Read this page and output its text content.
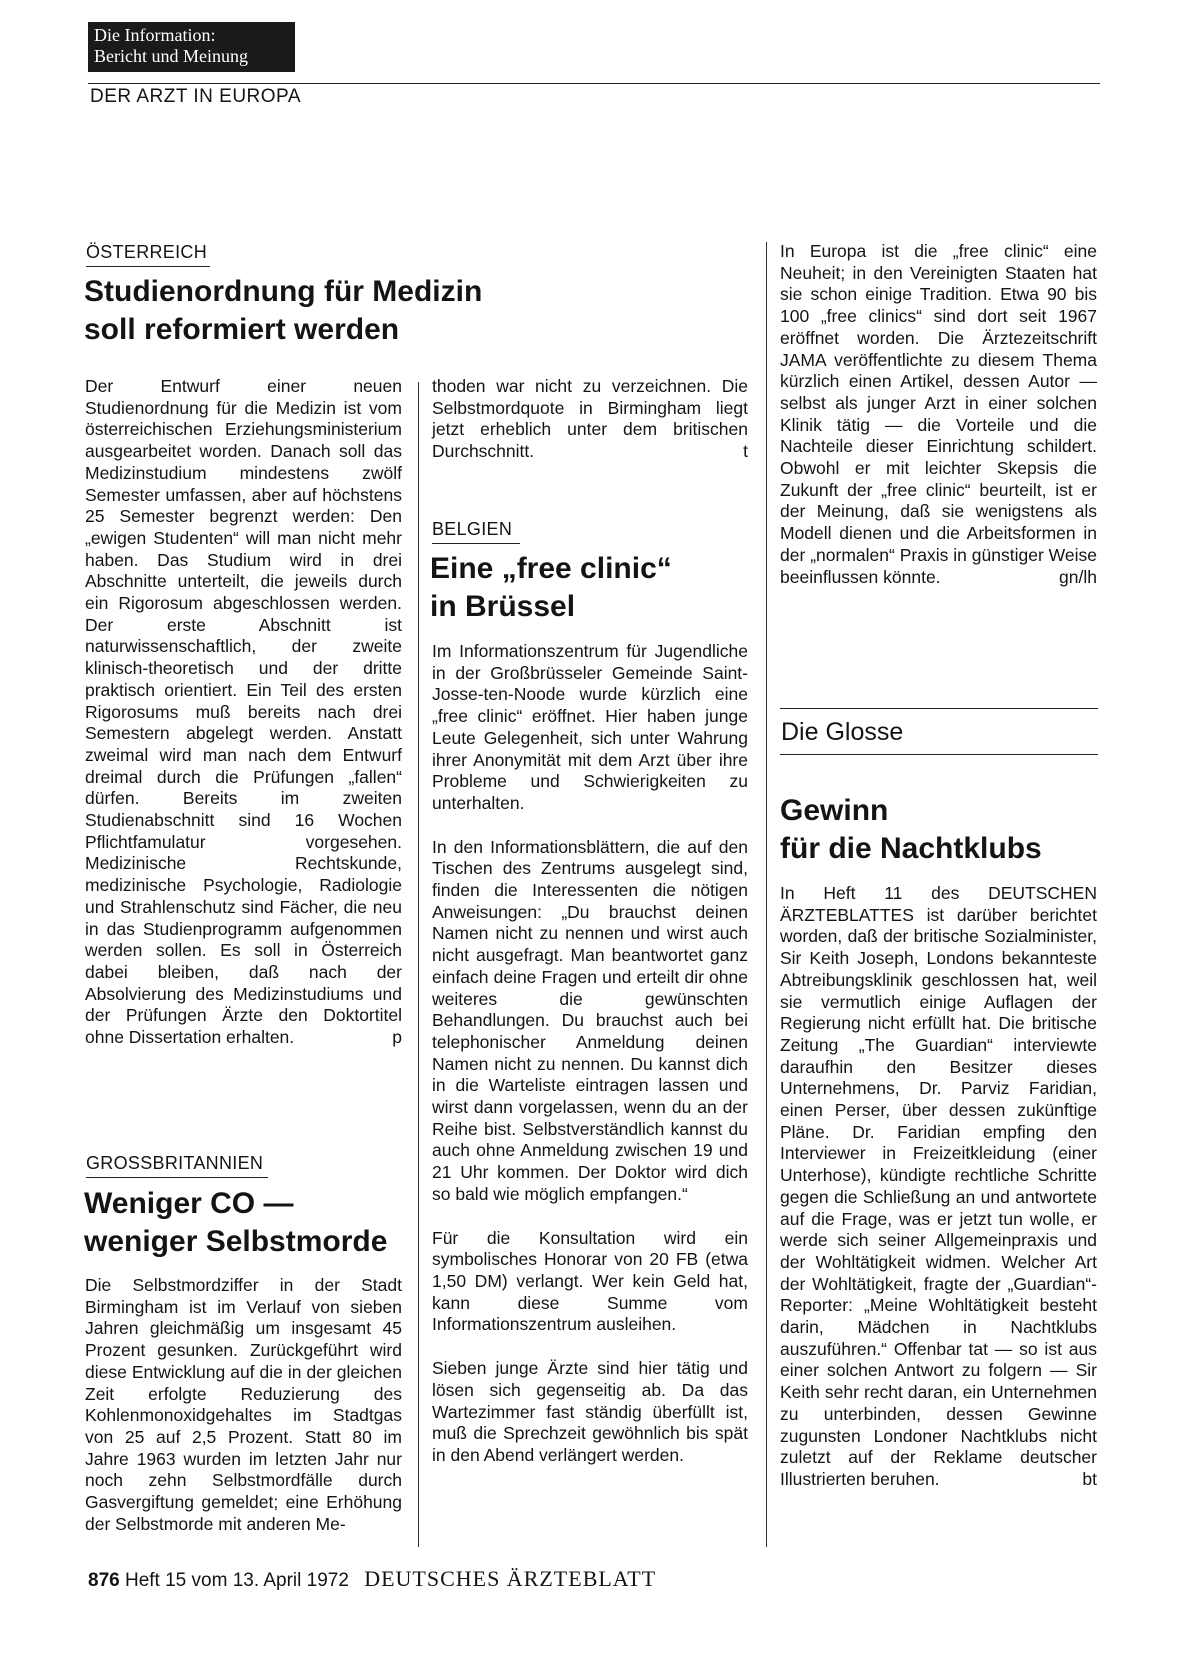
Die Information:
Bericht und Meinung
DER ARZT IN EUROPA
ÖSTERREICH
Studienordnung für Medizin
soll reformiert werden

Der Entwurf einer neuen Studienordnung für die Medizin ist vom österreichischen Erziehungsministerium ausgearbeitet worden. Danach soll das Medizinstudium mindestens zwölf Semester umfassen, aber auf höchstens 25 Semester begrenzt werden: Den „ewigen Studenten“ will man nicht mehr haben. Das Studium wird in drei Abschnitte unterteilt, die jeweils durch ein Rigorosum abgeschlossen werden. Der erste Abschnitt ist naturwissenschaftlich, der zweite klinisch-theoretisch und der dritte praktisch orientiert. Ein Teil des ersten Rigorosums muß bereits nach drei Semestern abgelegt werden. Anstatt zweimal wird man nach dem Entwurf dreimal durch die Prüfungen „fallen“ dürfen. Bereits im zweiten Studienabschnitt sind 16 Wochen Pflichtfamulatur vorgesehen. Medizinische Rechtskunde, medizinische Psychologie, Radiologie und Strahlenschutz sind Fächer, die neu in das Studienprogramm aufgenommen werden sollen. Es soll in Österreich dabei bleiben, daß nach der Absolvierung des Medizinstudiums und der Prüfungen Ärzte den Doktortitel ohne Dissertation erhalten.	p

GROSSBRITANNIEN
Weniger CO —
weniger Selbstmorde

Die Selbstmordziffer in der Stadt Birmingham ist im Verlauf von sieben Jahren gleichmäßig um insgesamt 45 Prozent gesunken. Zurückgeführt wird diese Entwicklung auf die in der gleichen Zeit erfolgte Reduzierung des Kohlenmonoxidgehaltes im Stadtgas von 25 auf 2,5 Prozent. Statt 80 im Jahre 1963 wurden im letzten Jahr nur noch zehn Selbstmordfälle durch Gasvergiftung gemeldet; eine Erhöhung der Selbstmorde mit anderen Me-

thoden war nicht zu verzeichnen. Die Selbstmordquote in Birmingham liegt jetzt erheblich unter dem britischen Durchschnitt.	t

BELGIEN
Eine „free clinic“
in Brüssel

Im Informationszentrum für Jugendliche in der Großbrüsseler Gemeinde Saint-Josse-ten-Noode wurde kürzlich eine „free clinic“ eröffnet. Hier haben junge Leute Gelegenheit, sich unter Wahrung ihrer Anonymität mit dem Arzt über ihre Probleme und Schwierigkeiten zu unterhalten.

In den Informationsblättern, die auf den Tischen des Zentrums ausgelegt sind, finden die Interessenten die nötigen Anweisungen: „Du brauchst deinen Namen nicht zu nennen und wirst auch nicht ausgefragt. Man beantwortet ganz einfach deine Fragen und erteilt dir ohne weiteres die gewünschten Behandlungen. Du brauchst auch bei telephonischer Anmeldung deinen Namen nicht zu nennen. Du kannst dich in die Warteliste eintragen lassen und wirst dann vorgelassen, wenn du an der Reihe bist. Selbstverständlich kannst du auch ohne Anmeldung zwischen 19 und 21 Uhr kommen. Der Doktor wird dich so bald wie möglich empfangen.“

Für die Konsultation wird ein symbolisches Honorar von 20 FB (etwa 1,50 DM) verlangt. Wer kein Geld hat, kann diese Summe vom Informationszentrum ausleihen.

Sieben junge Ärzte sind hier tätig und lösen sich gegenseitig ab. Da das Wartezimmer fast ständig überfüllt ist, muß die Sprechzeit gewöhnlich bis spät in den Abend verlängert werden.

In Europa ist die „free clinic“ eine Neuheit; in den Vereinigten Staaten hat sie schon einige Tradition. Etwa 90 bis 100 „free clinics“ sind dort seit 1967 eröffnet worden. Die Ärztezeitschrift JAMA veröffentlichte zu diesem Thema kürzlich einen Artikel, dessen Autor — selbst als junger Arzt in einer solchen Klinik tätig — die Vorteile und die Nachteile dieser Einrichtung schildert. Obwohl er mit leichter Skepsis die Zukunft der „free clinic“ beurteilt, ist er der Meinung, daß sie wenigstens als Modell dienen und die Arbeitsformen in der „normalen“ Praxis in günstiger Weise beeinflussen könnte.	gn/lh

Die Glosse
Gewinn
für die Nachtklubs

In Heft 11 des DEUTSCHEN ÄRZTEBLATTES ist darüber berichtet worden, daß der britische Sozialminister, Sir Keith Joseph, Londons bekannteste Abtreibungsklinik geschlossen hat, weil sie vermutlich einige Auflagen der Regierung nicht erfüllt hat. Die britische Zeitung „The Guardian“ interviewte daraufhin den Besitzer dieses Unternehmens, Dr. Parviz Faridian, einen Perser, über dessen zukünftige Pläne. Dr. Faridian empfing den Interviewer in Freizeitkleidung (einer Unterhose), kündigte rechtliche Schritte gegen die Schließung an und antwortete auf die Frage, was er jetzt tun wolle, er werde sich seiner Allgemeinpraxis und der Wohltätigkeit widmen. Welcher Art der Wohltätigkeit, fragte der „Guardian“-Reporter: „Meine Wohltätigkeit besteht darin, Mädchen in Nachtklubs auszuführen.“ Offenbar tat — so ist aus einer solchen Antwort zu folgern — Sir Keith sehr recht daran, ein Unternehmen zu unterbinden, dessen Gewinne zugunsten Londoner Nachtklubs nicht zuletzt auf der Reklame deutscher Illustrierten beruhen.	bt

876 Heft 15 vom 13. April 1972 DEUTSCHES ÄRZTEBLATT
